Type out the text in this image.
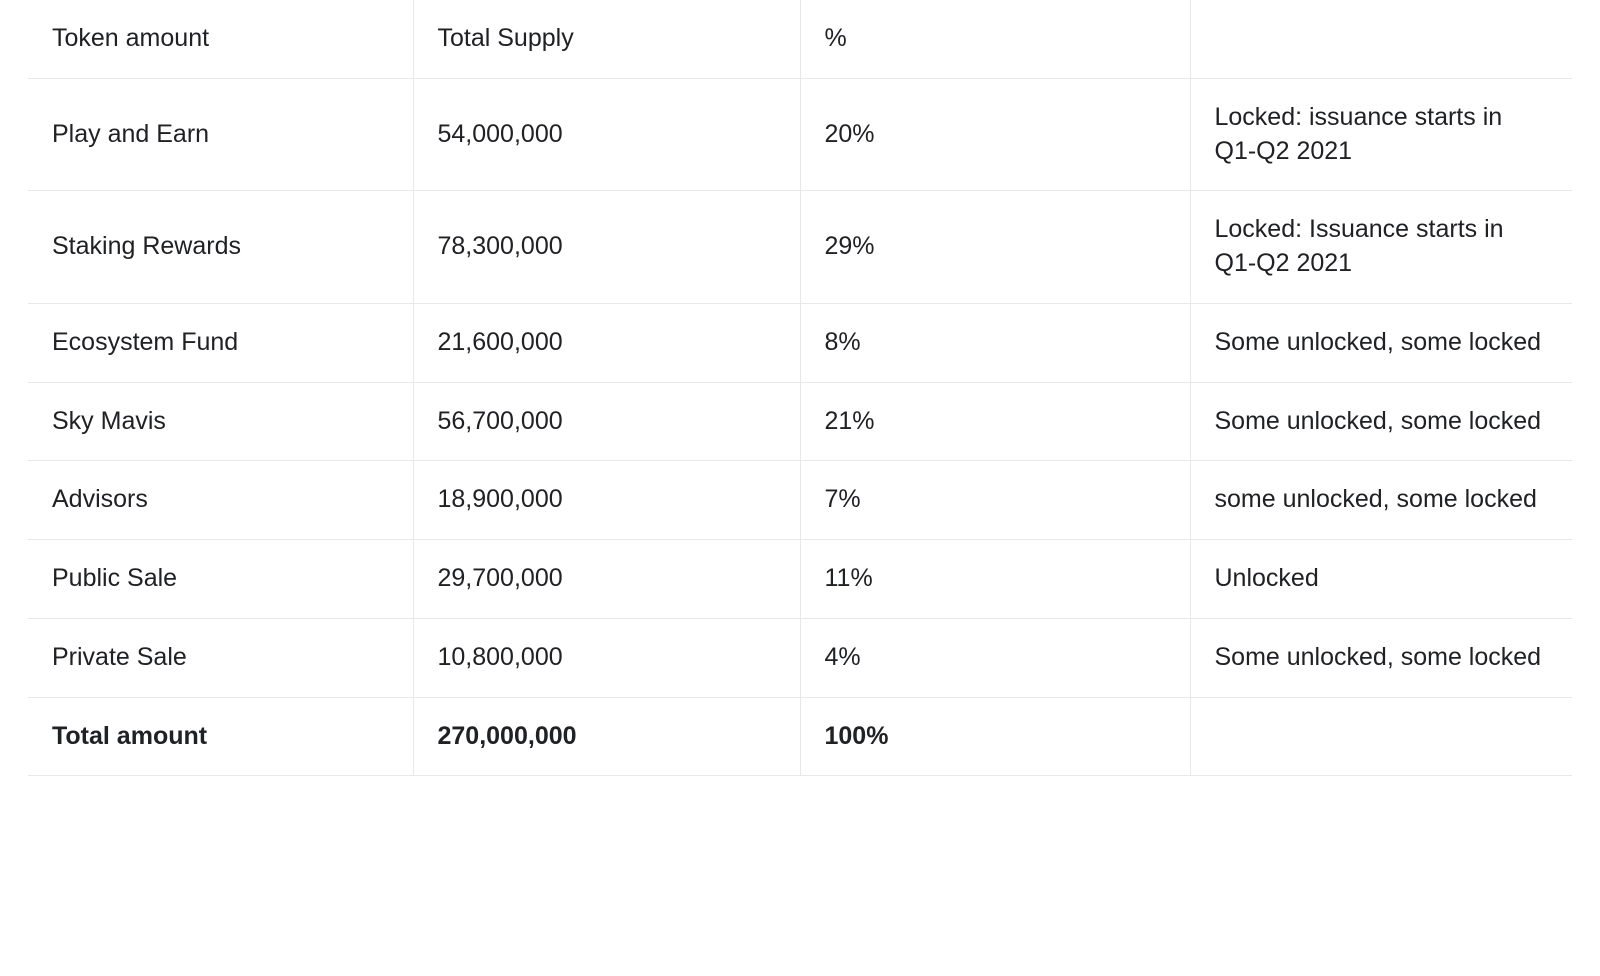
Token amount	Total Supply	%	
Play and Earn	54,000,000	20%	Locked: issuance starts in Q1-Q2 2021

Staking Rewards	78,300,000	29%	Locked: Issuance starts in Q1-Q2 2021

Ecosystem Fund	21,600,000	8%	Some unlocked, some locked

Sky Mavis	56,700,000	21%	Some unlocked, some locked

Advisors	18,900,000	7%	some unlocked, some locked

Public Sale	29,700,000	11%	Unlocked

Private Sale	10,800,000	4%	Some unlocked, some locked

Total amount	270,000,000	100%	
